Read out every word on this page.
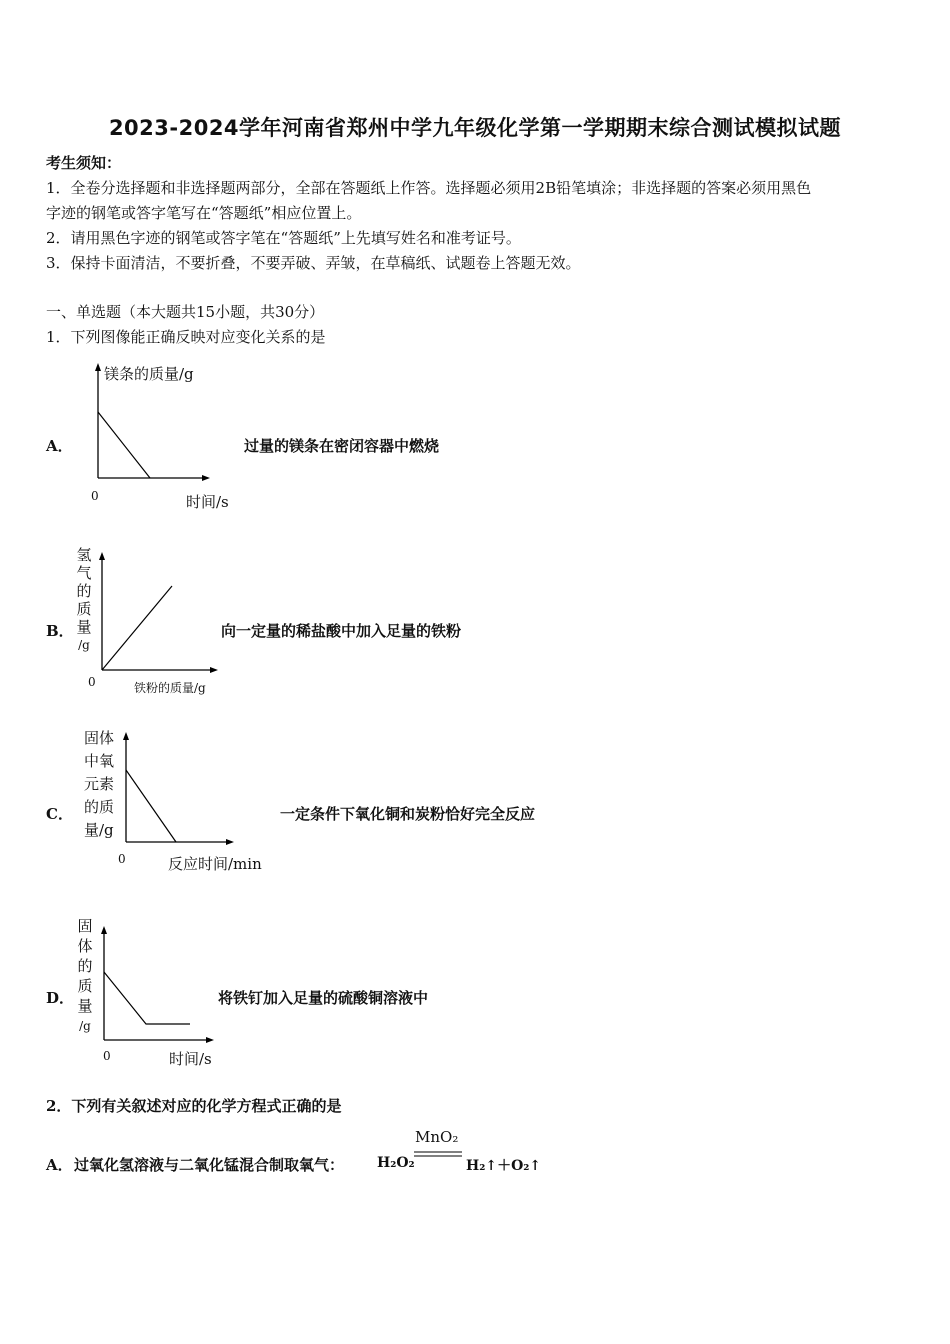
2023-2024学年河南省郑州中学九年级化学第一学期期末综合测试模拟试题
考生须知：
1．全卷分选择题和非选择题两部分，全部在答题纸上作答。选择题必须用2B铅笔填涂；非选择题的答案必须用黑色
字迹的钢笔或答字笔写在“答题纸”相应位置上。
2．请用黑色字迹的钢笔或答字笔在“答题纸”上先填写姓名和准考证号。
3．保持卡面清洁，不要折叠，不要弄破、弄皱，在草稿纸、试题卷上答题无效。
一、单选题（本大题共15小题，共30分）
1．下列图像能正确反映对应变化关系的是
A．
镁条的质量/g
0	时间/s
过量的镁条在密闭容器中燃烧
B．
氢
气
的
质
量
/g
0	铁粉的质量/g
向一定量的稀盐酸中加入足量的铁粉
C．
固体
中氧
元素
的质
量/g
0	反应时间/min
一定条件下氧化铜和炭粉恰好完全反应
D．
固
体
的
质
量
/g
0	时间/s
将铁钉加入足量的硫酸铜溶液中
2．下列有关叙述对应的化学方程式正确的是
A． 过氧化氢溶液与二氧化锰混合制取氧气： H₂O₂
MnO₂
H₂↑＋O₂↑
